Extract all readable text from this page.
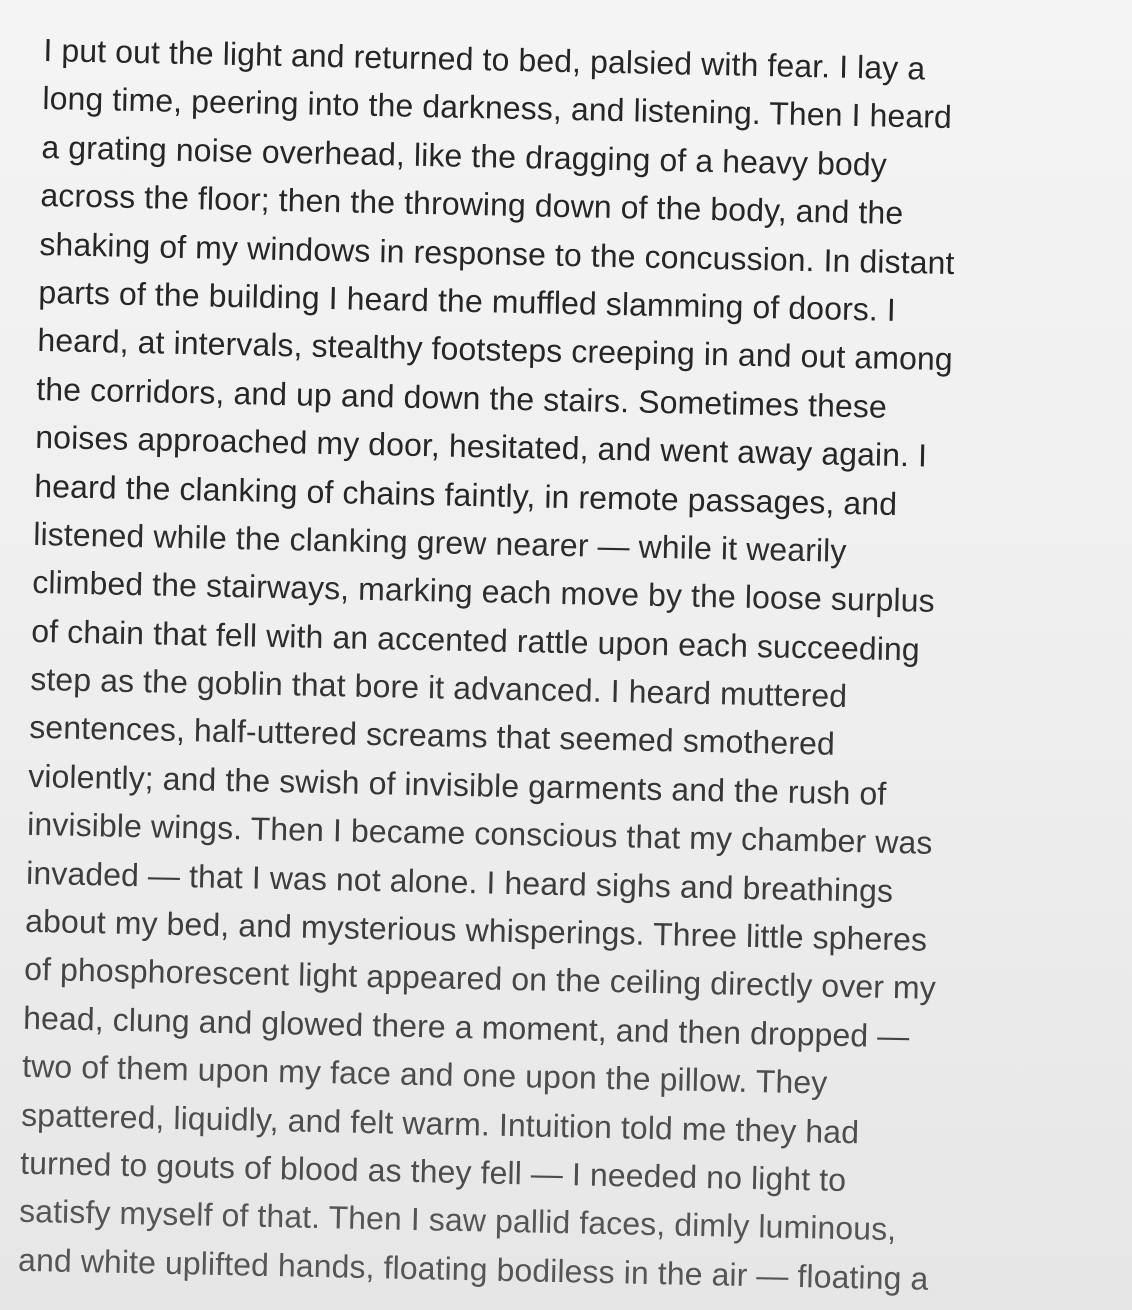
I put out the light and returned to bed, palsied with fear. I lay a
long time, peering into the darkness, and listening. Then I heard
a grating noise overhead, like the dragging of a heavy body
across the floor; then the throwing down of the body, and the
shaking of my windows in response to the concussion. In distant
parts of the building I heard the muffled slamming of doors. I
heard, at intervals, stealthy footsteps creeping in and out among
the corridors, and up and down the stairs. Sometimes these
noises approached my door, hesitated, and went away again. I
heard the clanking of chains faintly, in remote passages, and
listened while the clanking grew nearer — while it wearily
climbed the stairways, marking each move by the loose surplus
of chain that fell with an accented rattle upon each succeeding
step as the goblin that bore it advanced. I heard muttered
sentences, half-uttered screams that seemed smothered
violently; and the swish of invisible garments and the rush of
invisible wings. Then I became conscious that my chamber was
invaded — that I was not alone. I heard sighs and breathings
about my bed, and mysterious whisperings. Three little spheres
of phosphorescent light appeared on the ceiling directly over my
head, clung and glowed there a moment, and then dropped —
two of them upon my face and one upon the pillow. They
spattered, liquidly, and felt warm. Intuition told me they had
turned to gouts of blood as they fell — I needed no light to
satisfy myself of that. Then I saw pallid faces, dimly luminous,
and white uplifted hands, floating bodiless in the air — floating a
